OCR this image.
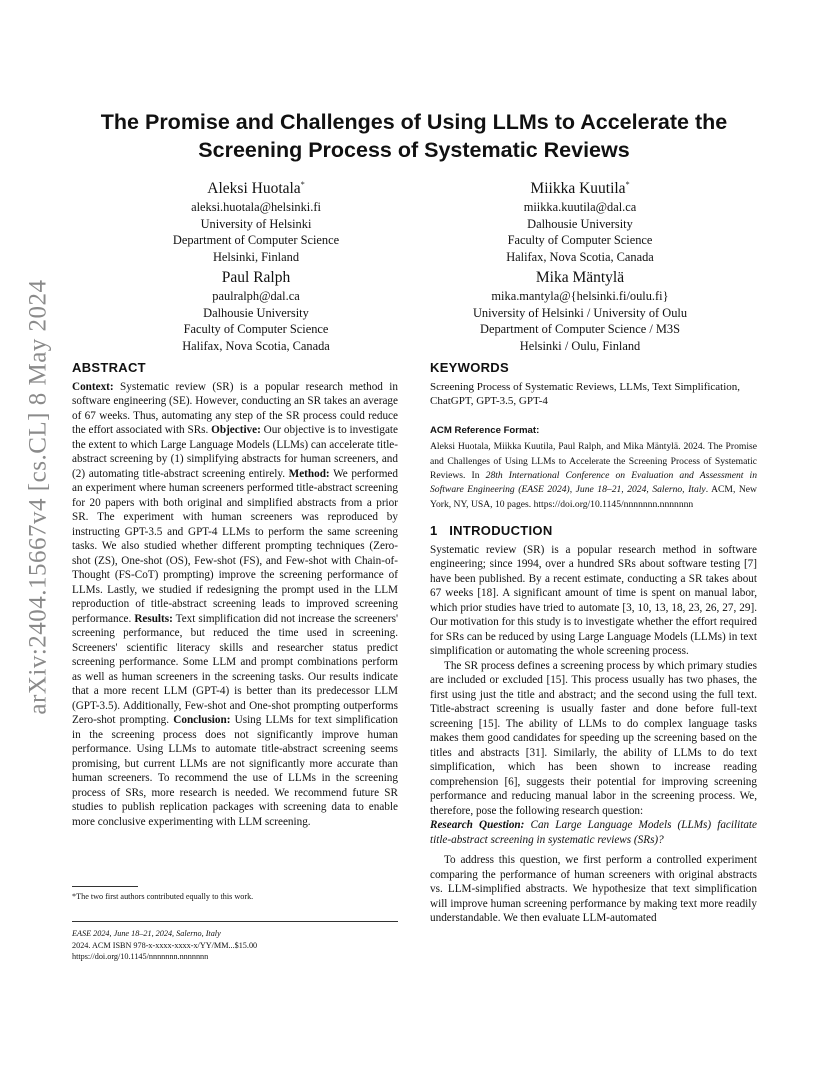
arXiv:2404.15667v4 [cs.CL] 8 May 2024
The Promise and Challenges of Using LLMs to Accelerate the
Screening Process of Systematic Reviews
Aleksi Huotala*
aleksi.huotala@helsinki.fi
University of Helsinki
Department of Computer Science
Helsinki, Finland
Miikka Kuutila*
miikka.kuutila@dal.ca
Dalhousie University
Faculty of Computer Science
Halifax, Nova Scotia, Canada
Paul Ralph
paulralph@dal.ca
Dalhousie University
Faculty of Computer Science
Halifax, Nova Scotia, Canada
Mika Mäntylä
mika.mantyla@{helsinki.fi/oulu.fi}
University of Helsinki / University of Oulu
Department of Computer Science / M3S
Helsinki / Oulu, Finland
ABSTRACT

Context: Systematic review (SR) is a popular research method in software engineering (SE). However, conducting an SR takes an average of 67 weeks. Thus, automating any step of the SR process could reduce the effort associated with SRs. Objective: Our objective is to investigate the extent to which Large Language Models (LLMs) can accelerate title-abstract screening by (1) simplifying abstracts for human screeners, and (2) automating title-abstract screening entirely. Method: We performed an experiment where human screeners performed title-abstract screening for 20 papers with both original and simplified abstracts from a prior SR. The experiment with human screeners was reproduced by instructing GPT-3.5 and GPT-4 LLMs to perform the same screening tasks. We also studied whether different prompting techniques (Zero-shot (ZS), One-shot (OS), Few-shot (FS), and Few-shot with Chain-of-Thought (FS-CoT) prompting) improve the screening performance of LLMs. Lastly, we studied if redesigning the prompt used in the LLM reproduction of title-abstract screening leads to improved screening performance. Results: Text simplification did not increase the screeners' screening performance, but reduced the time used in screening. Screeners' scientific literacy skills and researcher status predict screening performance. Some LLM and prompt combinations perform as well as human screeners in the screening tasks. Our results indicate that a more recent LLM (GPT-4) is better than its predecessor LLM (GPT-3.5). Additionally, Few-shot and One-shot prompting outperforms Zero-shot prompting. Conclusion: Using LLMs for text simplification in the screening process does not significantly improve human performance. Using LLMs to automate title-abstract screening seems promising, but current LLMs are not significantly more accurate than human screeners. To recommend the use of LLMs in the screening process of SRs, more research is needed. We recommend future SR studies to publish replication packages with screening data to enable more conclusive experimenting with LLM screening.

*The two first authors contributed equally to this work.
EASE 2024, June 18–21, 2024, Salerno, Italy
2024. ACM ISBN 978-x-xxxx-xxxx-x/YY/MM...$15.00
https://doi.org/10.1145/nnnnnnn.nnnnnnn
KEYWORDS

Screening Process of Systematic Reviews, LLMs, Text Simplification, ChatGPT, GPT-3.5, GPT-4

ACM Reference Format:

Aleksi Huotala, Miikka Kuutila, Paul Ralph, and Mika Mäntylä. 2024. The Promise and Challenges of Using LLMs to Accelerate the Screening Process of Systematic Reviews. In 28th International Conference on Evaluation and Assessment in Software Engineering (EASE 2024), June 18–21, 2024, Salerno, Italy. ACM, New York, NY, USA, 10 pages. https://doi.org/10.1145/nnnnnnn.nnnnnnn

1   INTRODUCTION

Systematic review (SR) is a popular research method in software engineering; since 1994, over a hundred SRs about software testing [7] have been published. By a recent estimate, conducting a SR takes about 67 weeks [18]. A significant amount of time is spent on manual labor, which prior studies have tried to automate [3, 10, 13, 18, 23, 26, 27, 29]. Our motivation for this study is to investigate whether the effort required for SRs can be reduced by using Large Language Models (LLMs) in text simplification or automating the whole screening process.

The SR process defines a screening process by which primary studies are included or excluded [15]. This process usually has two phases, the first using just the title and abstract; and the second using the full text. Title-abstract screening is usually faster and done before full-text screening [15]. The ability of LLMs to do complex language tasks makes them good candidates for speeding up the screening based on the titles and abstracts [31]. Similarly, the ability of LLMs to do text simplification, which has been shown to increase reading comprehension [6], suggests their potential for improving screening performance and reducing manual labor in the screening process. We, therefore, pose the following research question:

Research Question: Can Large Language Models (LLMs) facilitate title-abstract screening in systematic reviews (SRs)?

To address this question, we first perform a controlled experiment comparing the performance of human screeners with original abstracts vs. LLM-simplified abstracts. We hypothesize that text simplification will improve human screening performance by making text more readily understandable. We then evaluate LLM-automated
